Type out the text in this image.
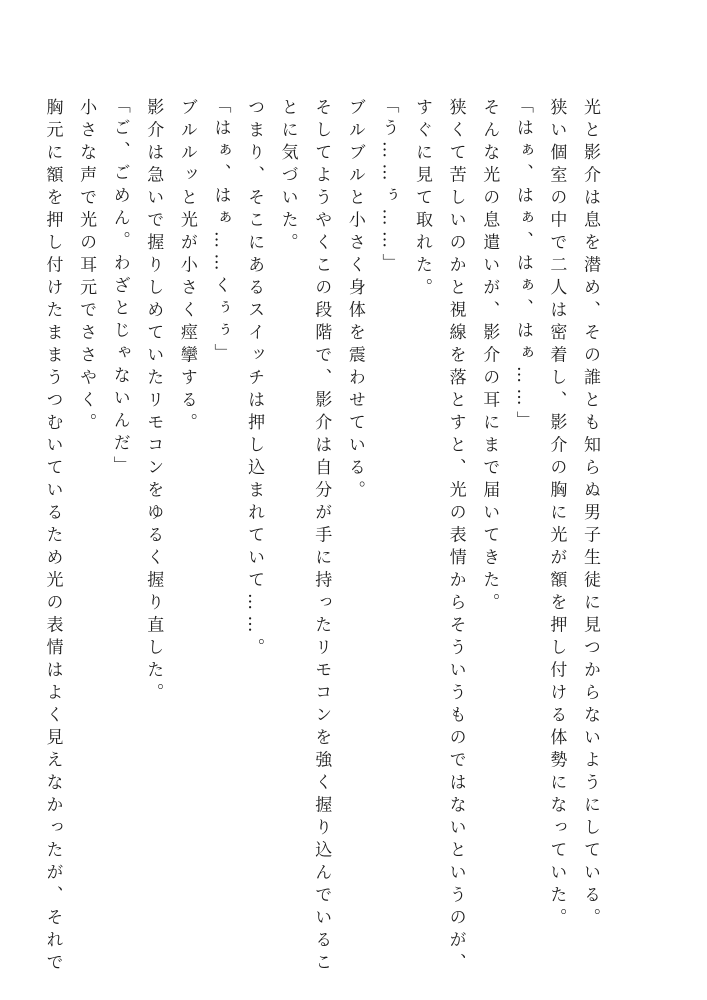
光と影介は息を潜め、その誰とも知らぬ男子生徒に見つからないようにしている。

狭い個室の中で二人は密着し、影介の胸に光が額を押し付ける体勢になっていた。

「はぁ、はぁ、はぁ、はぁ……」

そんな光の息遣いが、影介の耳にまで届いてきた。

狭くて苦しいのかと視線を落とすと、光の表情からそういうものではないというのが、

すぐに見て取れた。

「う……ぅ……」

ブルブルと小さく身体を震わせている。

そしてようやくこの段階で、影介は自分が手に持ったリモコンを強く握り込んでいるこ

とに気づいた。

つまり、そこにあるスイッチは押し込まれていて……。

「はぁ、はぁ……くぅぅ」

ブルルッと光が小さく痙攣する。

影介は急いで握りしめていたリモコンをゆるく握り直した。

「ご、ごめん。わざとじゃないんだ」

小さな声で光の耳元でささやく。

胸元に額を押し付けたままうつむいているため光の表情はよく見えなかったが、それで
